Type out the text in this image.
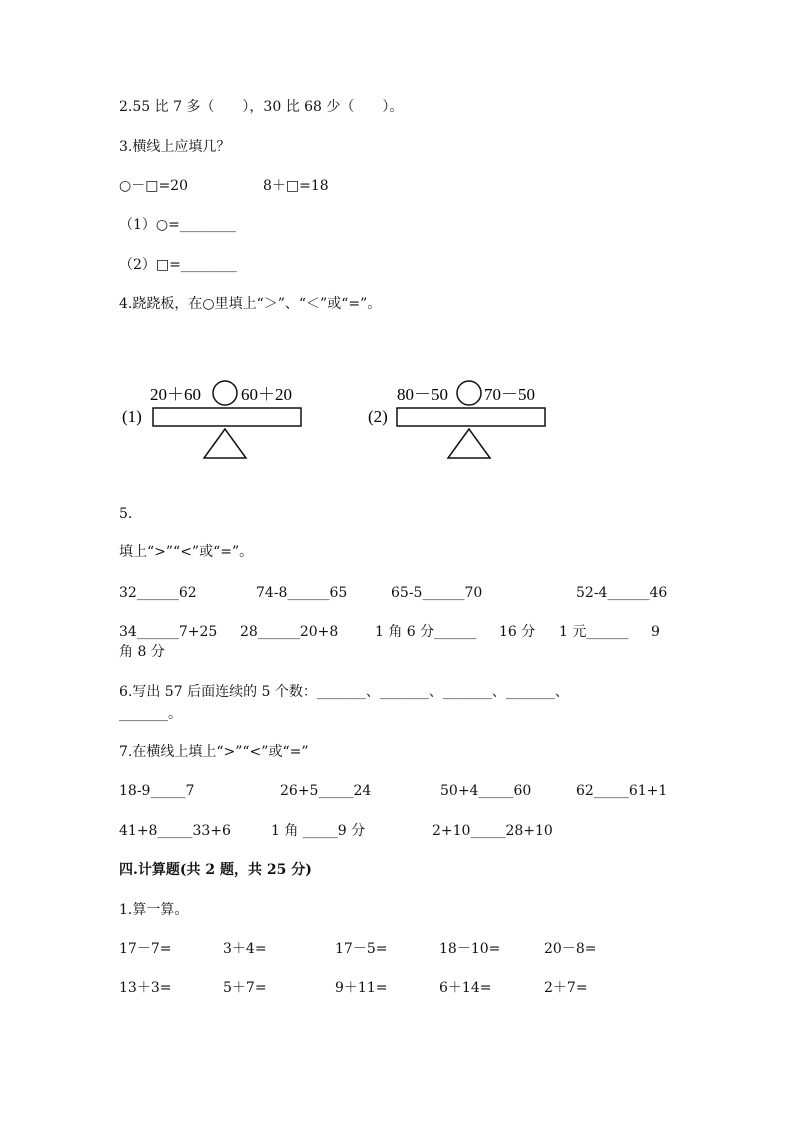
2.55 比 7 多（　　），30 比 68 少（　　）。
3.横线上应填几？
○－□=20	8＋□=18
（1）○=________
（2）□=________
4.跷跷板，在○里填上“＞”、“＜”或“=”。
(1)
20＋60 60＋20
(2)
80－50 70－50
5.
填上“>”“<”或“=”。
32______62	74-8______65	65-5______70	52-4______46
34______7+25 28______20+8	1 角 6 分______ 16 分 1 元______ 9
角 8 分
6.写出 57 后面连续的 5 个数：_______、_______、_______、_______、
_______。
7.在横线上填上“>”“<”或“=”
18-9_____7	26+5_____24	50+4_____60	62_____61+1
41+8_____33+6	1 角 _____9 分	2+10_____28+10
四.计算题(共 2 题，共 25 分)
1.算一算。
17－7=	3＋4=	17－5=	18－10=	20－8=
13＋3=	5＋7=	9＋11=	6＋14=	2＋7=
